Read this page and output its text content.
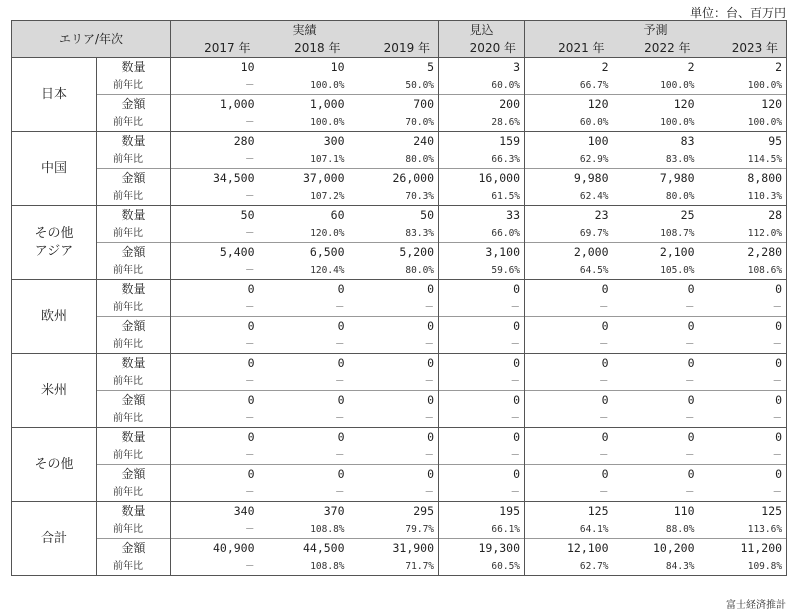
単位：台、百万円
エリア/年次		実績			見込	予測		
		2017 年	2018 年	2019 年	2020 年	2021 年	2022 年	2023 年
日本	数量	10	10	5	3	2	2	2
	前年比	－	100.0%	50.0%	60.0%	66.7%	100.0%	100.0%
	金額	1,000	1,000	700	200	120	120	120
	前年比	－	100.0%	70.0%	28.6%	60.0%	100.0%	100.0%
中国	数量	280	300	240	159	100	83	95
	前年比	－	107.1%	80.0%	66.3%	62.9%	83.0%	114.5%
	金額	34,500	37,000	26,000	16,000	9,980	7,980	8,800
	前年比	－	107.2%	70.3%	61.5%	62.4%	80.0%	110.3%
その他
アジア	数量	50	60	50	33	23	25	28
	前年比	－	120.0%	83.3%	66.0%	69.7%	108.7%	112.0%
	金額	5,400	6,500	5,200	3,100	2,000	2,100	2,280
	前年比	－	120.4%	80.0%	59.6%	64.5%	105.0%	108.6%
欧州	数量	0	0	0	0	0	0	0
	前年比	－	－	－	－	－	－	－
	金額	0	0	0	0	0	0	0
	前年比	－	－	－	－	－	－	－
米州	数量	0	0	0	0	0	0	0
	前年比	－	－	－	－	－	－	－
	金額	0	0	0	0	0	0	0
	前年比	－	－	－	－	－	－	－
その他	数量	0	0	0	0	0	0	0
	前年比	－	－	－	－	－	－	－
	金額	0	0	0	0	0	0	0
	前年比	－	－	－	－	－	－	－
合計	数量	340	370	295	195	125	110	125
	前年比	－	108.8%	79.7%	66.1%	64.1%	88.0%	113.6%
	金額	40,900	44,500	31,900	19,300	12,100	10,200	11,200
	前年比	－	108.8%	71.7%	60.5%	62.7%	84.3%	109.8%
富士経済推計
